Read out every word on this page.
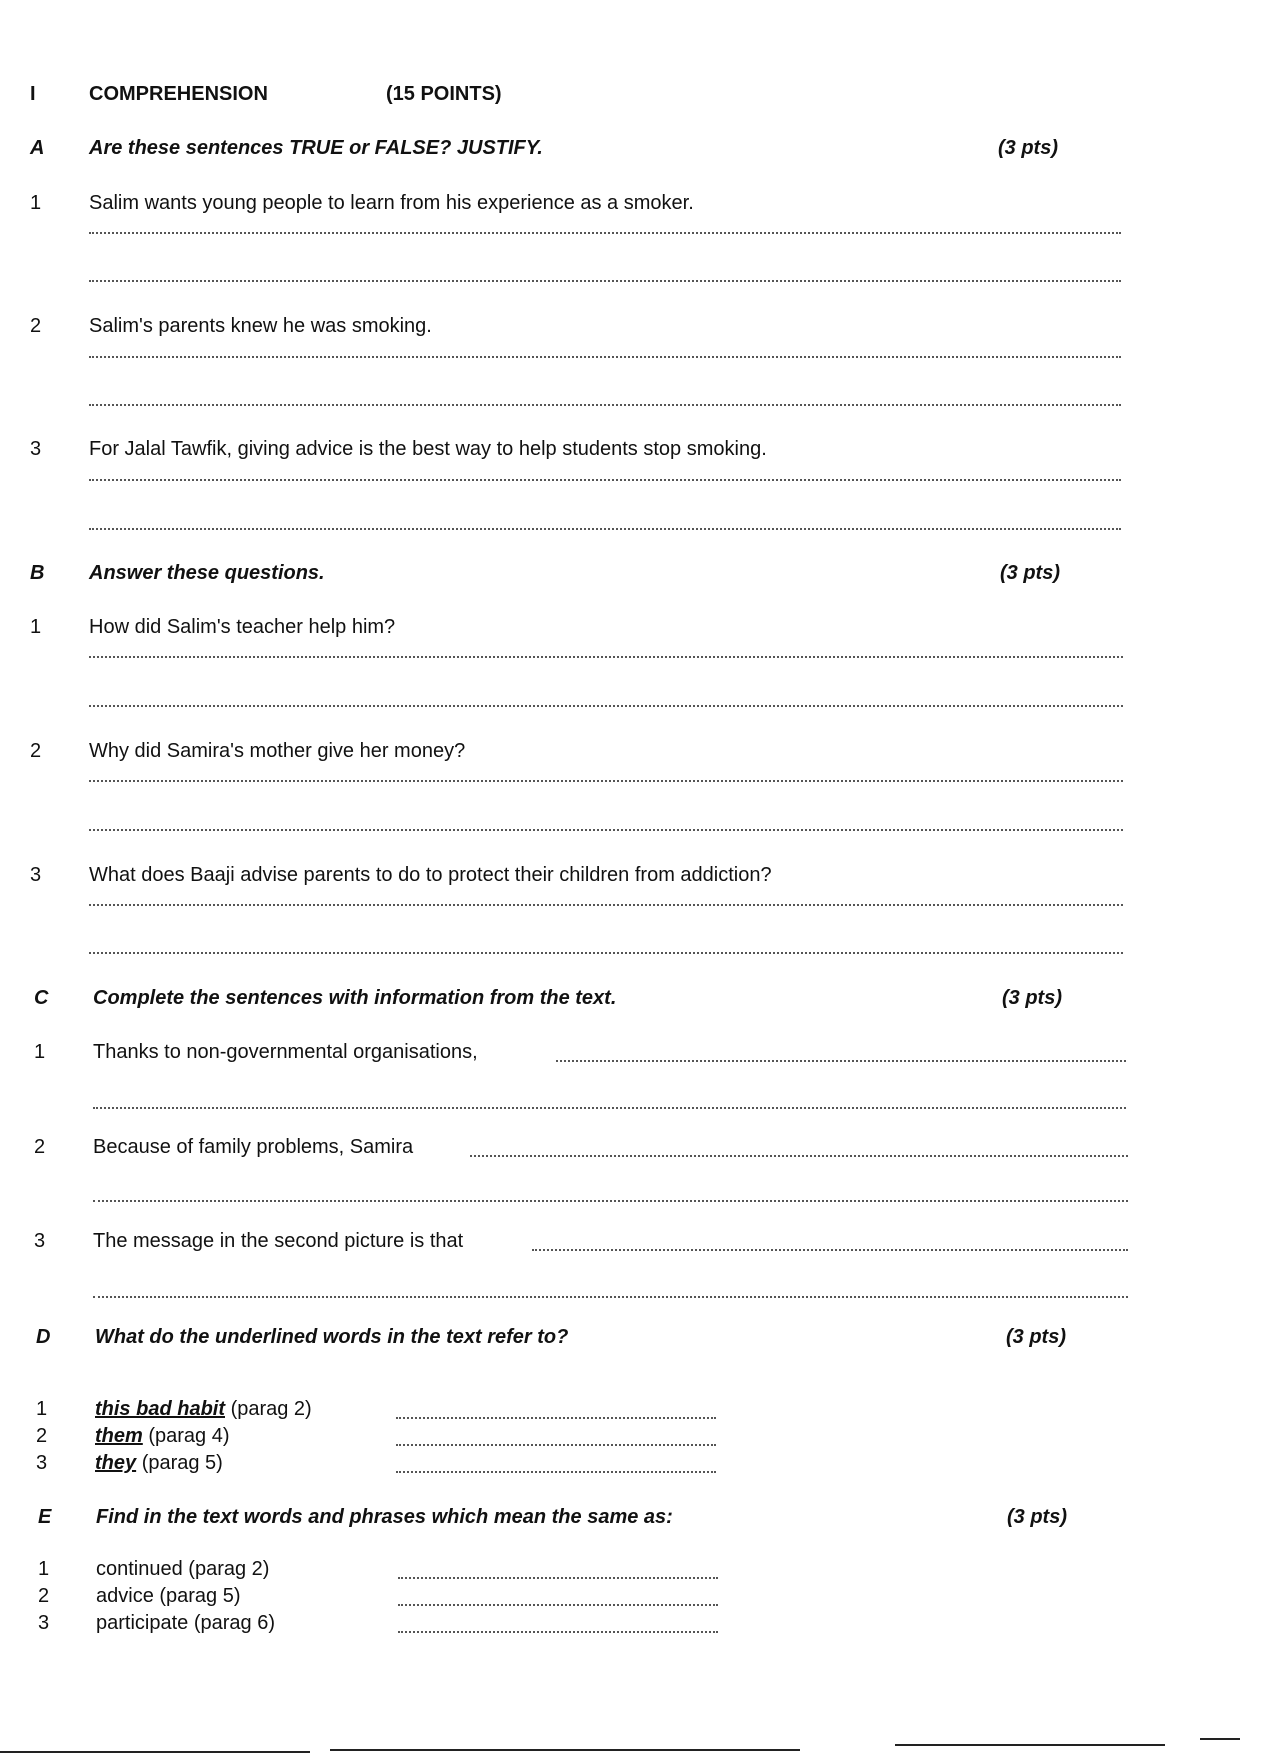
I	COMPREHENSION	(15 POINTS)
A Are these sentences TRUE or FALSE? JUSTIFY.	(3 pts)
1 Salim wants young people to learn from his experience as a smoker.
2 Salim's parents knew he was smoking.
3 For Jalal Tawfik, giving advice is the best way to help students stop smoking.
B Answer these questions.	(3 pts)
1 How did Salim's teacher help him?
2 Why did Samira's mother give her money?
3 What does Baaji advise parents to do to protect their children from addiction?
C Complete the sentences with information from the text.	(3 pts)
1 Thanks to non-governmental organisations,
2 Because of family problems, Samira
3 The message in the second picture is that
D What do the underlined words in the text refer to?	(3 pts)
1 this bad habit (parag 2)
2 them (parag 4)
3 they (parag 5)
E Find in the text words and phrases which mean the same as:	(3 pts)
1 continued (parag 2)
2 advice (parag 5)
3 participate (parag 6)
